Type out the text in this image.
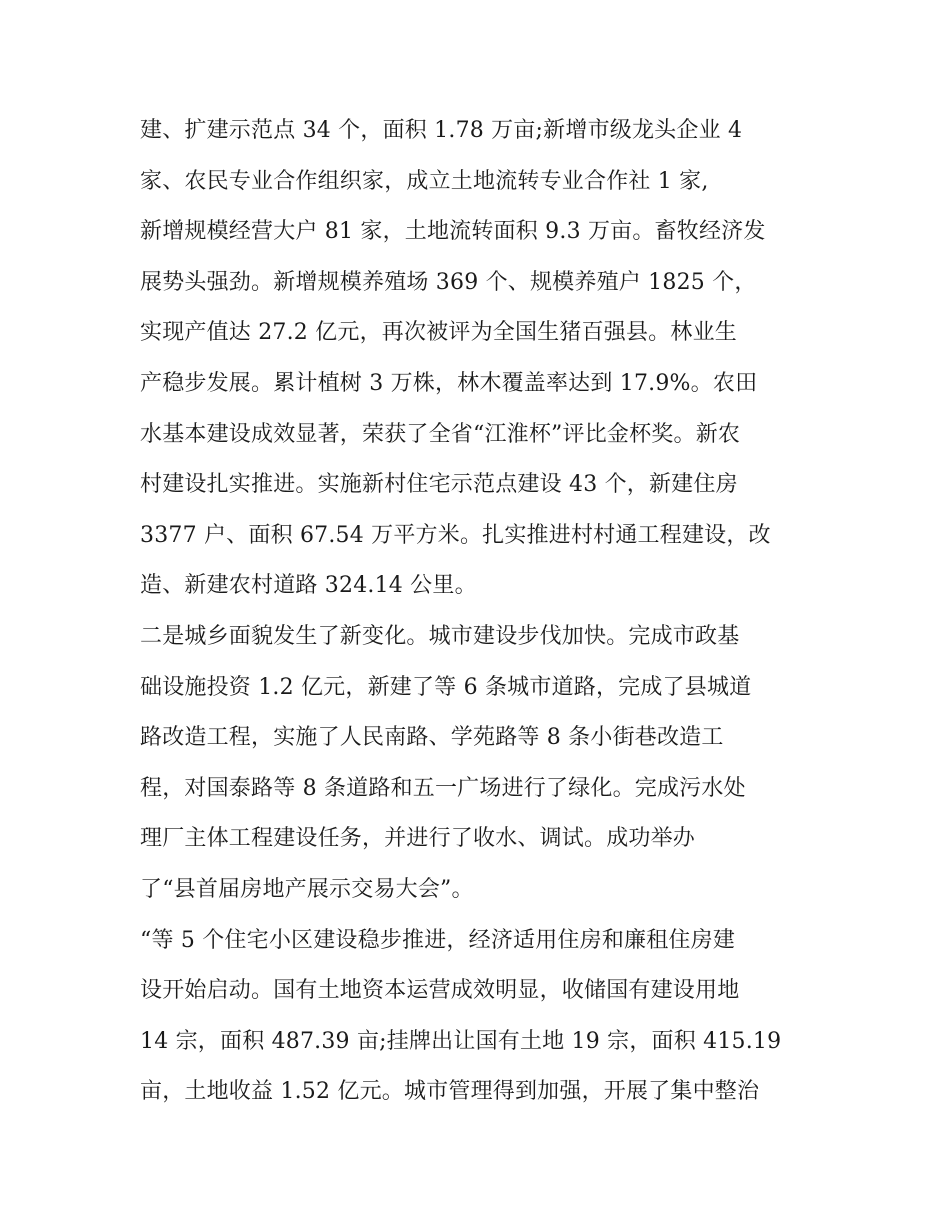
建、扩建示范点 34 个，面积 1.78 万亩;新增市级龙头企业 4
家、农民专业合作组织家，成立土地流转专业合作社 1 家,
新增规模经营大户 81 家，土地流转面积 9.3 万亩。畜牧经济发
展势头强劲。新增规模养殖场 369 个、规模养殖户 1825 个，
实现产值达 27.2 亿元，再次被评为全国生猪百强县。林业生
产稳步发展。累计植树 3 万株，林木覆盖率达到 17.9%。农田
水基本建设成效显著，荣获了全省“江淮杯”评比金杯奖。新农
村建设扎实推进。实施新村住宅示范点建设 43 个，新建住房
3377 户、面积 67.54 万平方米。扎实推进村村通工程建设，改
造、新建农村道路 324.14 公里。
二是城乡面貌发生了新变化。城市建设步伐加快。完成市政基
础设施投资 1.2 亿元，新建了等 6 条城市道路，完成了县城道
路改造工程，实施了人民南路、学苑路等 8 条小街巷改造工
程，对国泰路等 8 条道路和五一广场进行了绿化。完成污水处
理厂主体工程建设任务，并进行了收水、调试。成功举办
了“县首届房地产展示交易大会”。
“等 5 个住宅小区建设稳步推进，经济适用住房和廉租住房建
设开始启动。国有土地资本运营成效明显，收储国有建设用地
14 宗，面积 487.39 亩;挂牌出让国有土地 19 宗，面积 415.19
亩，土地收益 1.52 亿元。城市管理得到加强，开展了集中整治
